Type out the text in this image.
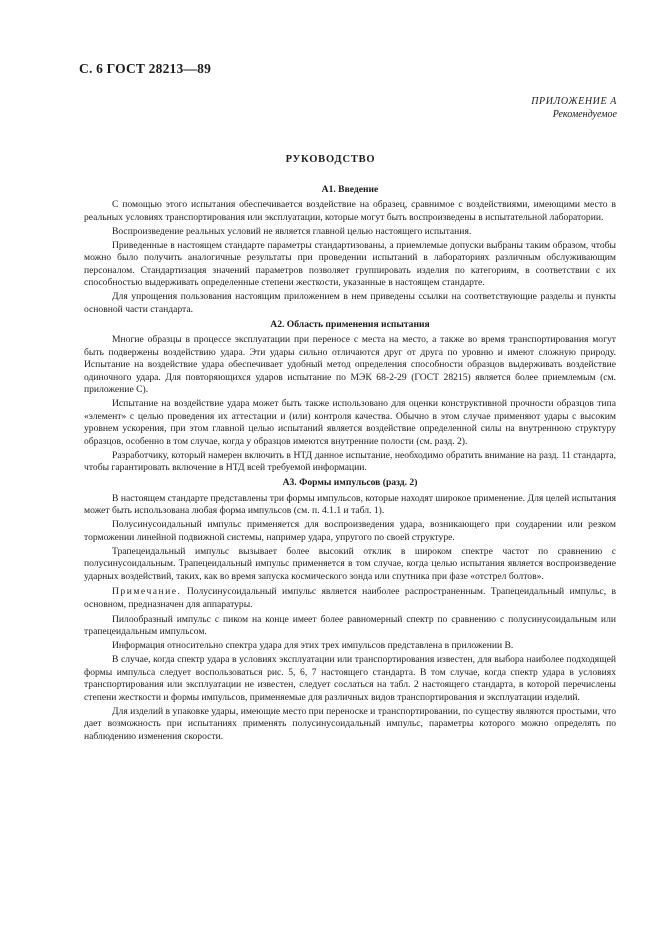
С. 6 ГОСТ 28213—89
ПРИЛОЖЕНИЕ А
Рекомендуемое
РУКОВОДСТВО
А1. Введение

С помощью этого испытания обеспечивается воздействие на образец, сравнимое с воздействиями, имеющими место в реальных условиях транспортирования или эксплуатации, которые могут быть воспроизведены в испытательной лаборатории.

Воспроизведение реальных условий не является главной целью настоящего испытания.

Приведенные в настоящем стандарте параметры стандартизованы, а приемлемые допуски выбраны таким образом, чтобы можно было получить аналогичные результаты при проведении испытаний в лабораториях различным обслуживающим персоналом. Стандартизация значений параметров позволяет группировать изделия по категориям, в соответствии с их способностью выдерживать определенные степени жесткости, указанные в настоящем стандарте.

Для упрощения пользования настоящим приложением в нем приведены ссылки на соответствующие разделы и пункты основной части стандарта.

А2. Область применения испытания

Многие образцы в процессе эксплуатации при переносе с места на место, а также во время транспортирования могут быть подвержены воздействию удара. Эти удары сильно отличаются друг от друга по уровню и имеют сложную природу. Испытание на воздействие удара обеспечивает удобный метод определения способности образцов выдерживать воздействие одиночного удара. Для повторяющихся ударов испытание по МЭК 68-2-29 (ГОСТ 28215) является более приемлемым (см. приложение С).

Испытание на воздействие удара может быть также использовано для оценки конструктивной прочности образцов типа «элемент» с целью проведения их аттестации и (или) контроля качества. Обычно в этом случае применяют удары с высоким уровнем ускорения, при этом главной целью испытаний является воздействие определенной силы на внутреннюю структуру образцов, особенно в том случае, когда у образцов имеются внутренние полости (см. разд. 2).

Разработчику, который намерен включить в НТД данное испытание, необходимо обратить внимание на разд. 11 стандарта, чтобы гарантировать включение в НТД всей требуемой информации.

А3. Формы импульсов (разд. 2)

В настоящем стандарте представлены три формы импульсов, которые находят широкое применение. Для целей испытания может быть использована любая форма импульсов (см. п. 4.1.1 и табл. 1).

Полусинусоидальный импульс применяется для воспроизведения удара, возникающего при соударении или резком торможении линейной подвижной системы, например удара, упругого по своей структуре.

Трапецеидальный импульс вызывает более высокий отклик в широком спектре частот по сравнению с полусинусоидальным. Трапецеидальный импульс применяется в том случае, когда целью испытания является воспроизведение ударных воздействий, таких, как во время запуска космического зонда или спутника при фазе «отстрел болтов».

Примечание. Полусинусоидальный импульс является наиболее распространенным. Трапецеидальный импульс, в основном, предназначен для аппаратуры.

Пилообразный импульс с пиком на конце имеет более равномерный спектр по сравнению с полусинусоидальным или трапецеидальным импульсом.

Информация относительно спектра удара для этих трех импульсов представлена в приложении В.

В случае, когда спектр удара в условиях эксплуатации или транспортирования известен, для выбора наиболее подходящей формы импульса следует воспользоваться рис. 5, 6, 7 настоящего стандарта. В том случае, когда спектр удара в условиях транспортирования или эксплуатации не известен, следует сослаться на табл. 2 настоящего стандарта, в которой перечислены степени жесткости и формы импульсов, применяемые для различных видов транспортирования и эксплуатации изделий.

Для изделий в упаковке удары, имеющие место при переноске и транспортировании, по существу являются простыми, что дает возможность при испытаниях применять полусинусоидальный импульс, параметры которого можно определять по наблюдению изменения скорости.
